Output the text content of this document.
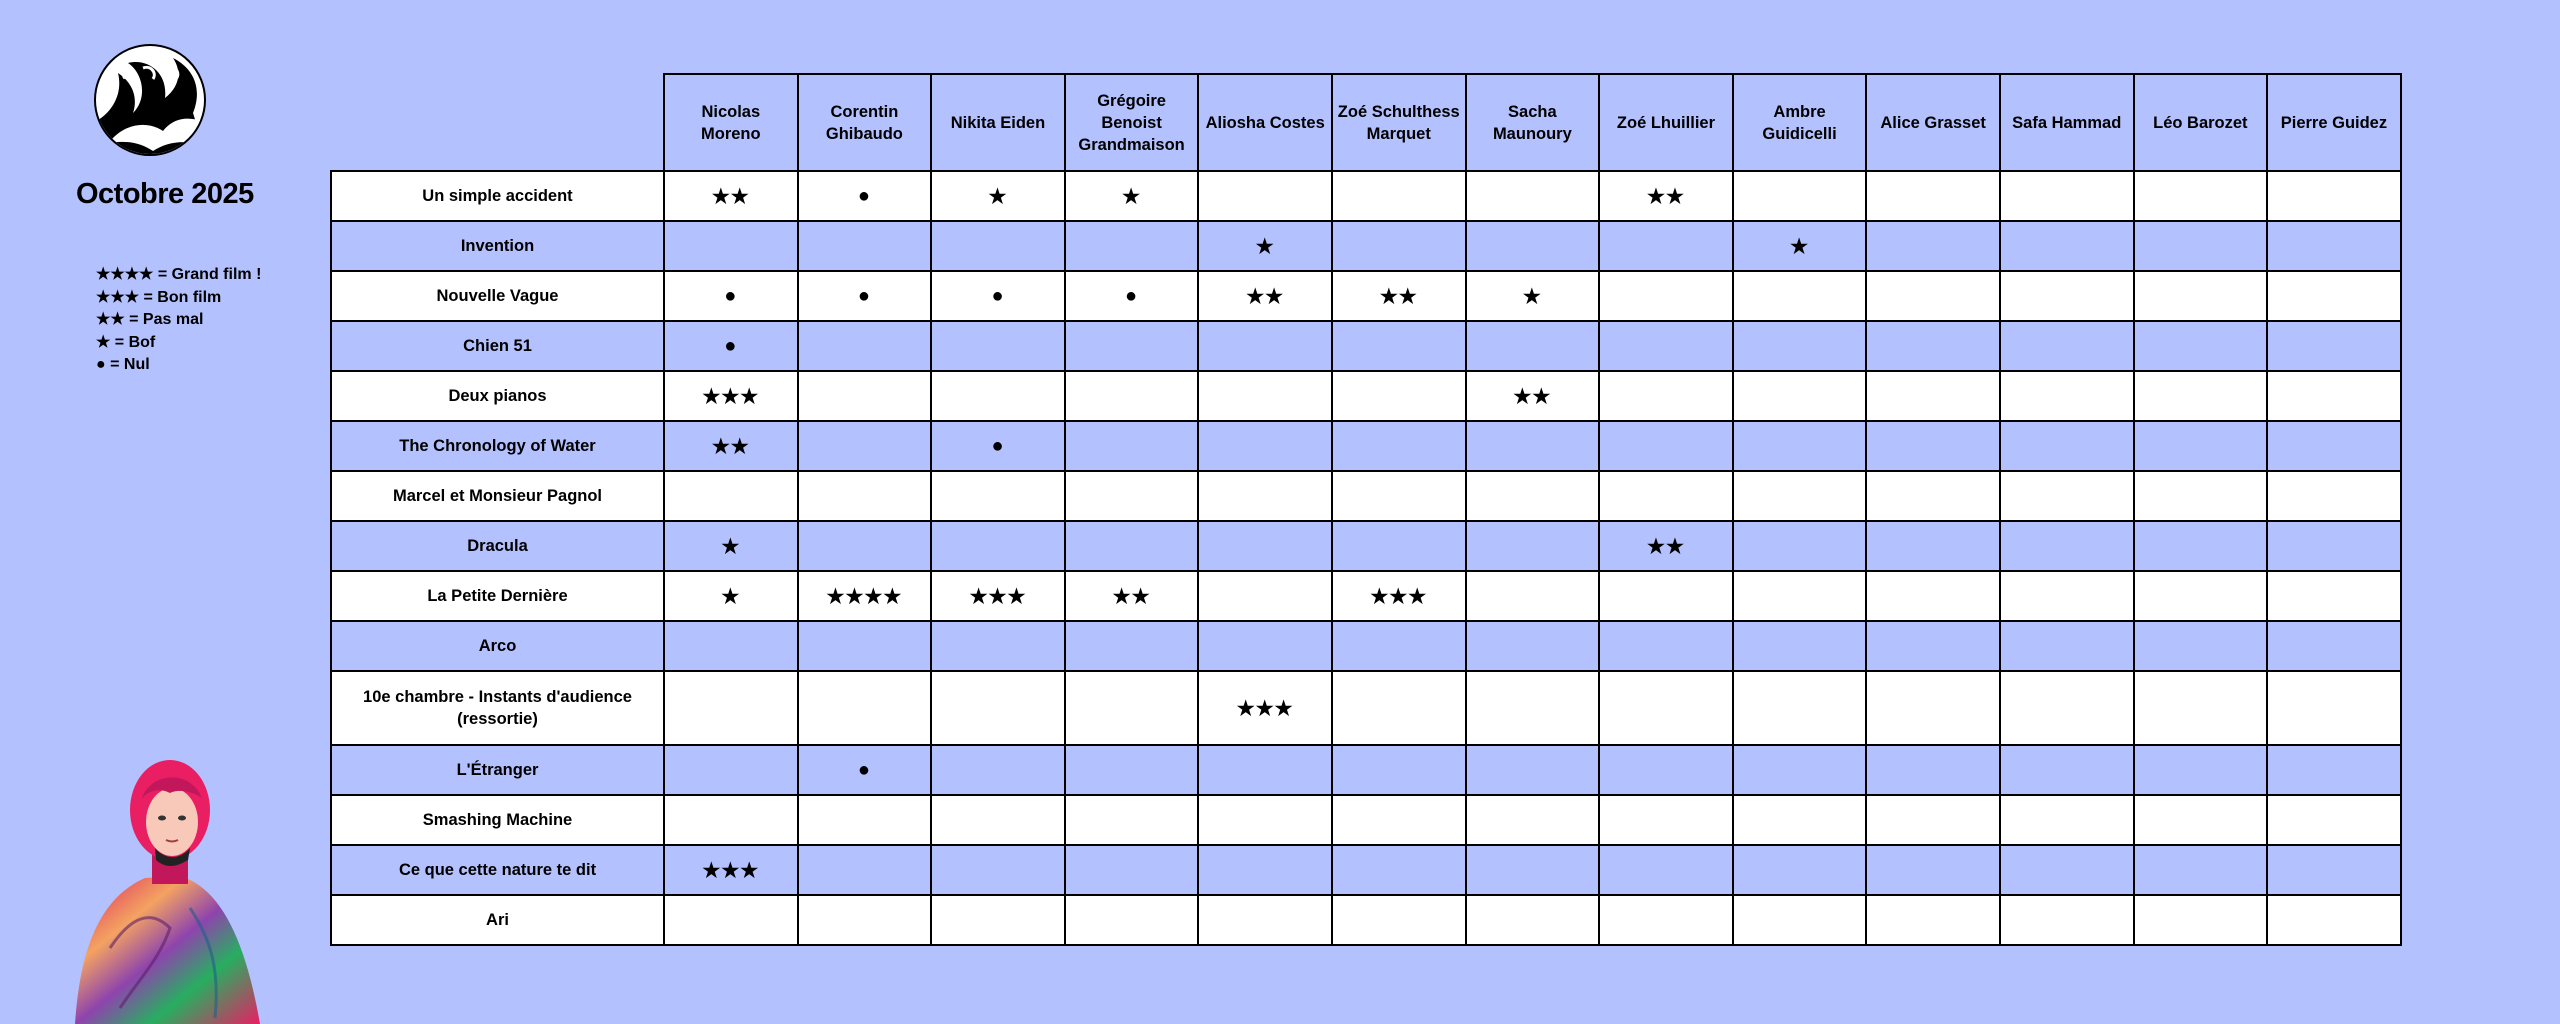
Octobre 2025
★★★★ = Grand film !
★★★ = Bon film
★★ = Pas mal
★ = Bof
● = Nul
	Nicolas
Moreno	Corentin
Ghibaudo	Nikita Eiden	Grégoire
Benoist
Grandmaison	Aliosha Costes	Zoé Schulthess
Marquet	Sacha
Maunoury	Zoé Lhuillier	Ambre
Guidicelli	Alice Grasset	Safa Hammad	Léo Barozet	Pierre Guidez
Un simple accident	★★	●	★	★				★★					
Invention					★				★				
Nouvelle Vague	●	●	●	●	★★	★★	★						
Chien 51	●												
Deux pianos	★★★						★★						
The Chronology of Water	★★		●										
Marcel et Monsieur Pagnol													
Dracula	★							★★					
La Petite Dernière	★	★★★★	★★★	★★		★★★							
Arco													
10e chambre - Instants d'audience
(ressortie)					★★★								
L'Étranger		●											
Smashing Machine													
Ce que cette nature te dit	★★★												
Ari													
